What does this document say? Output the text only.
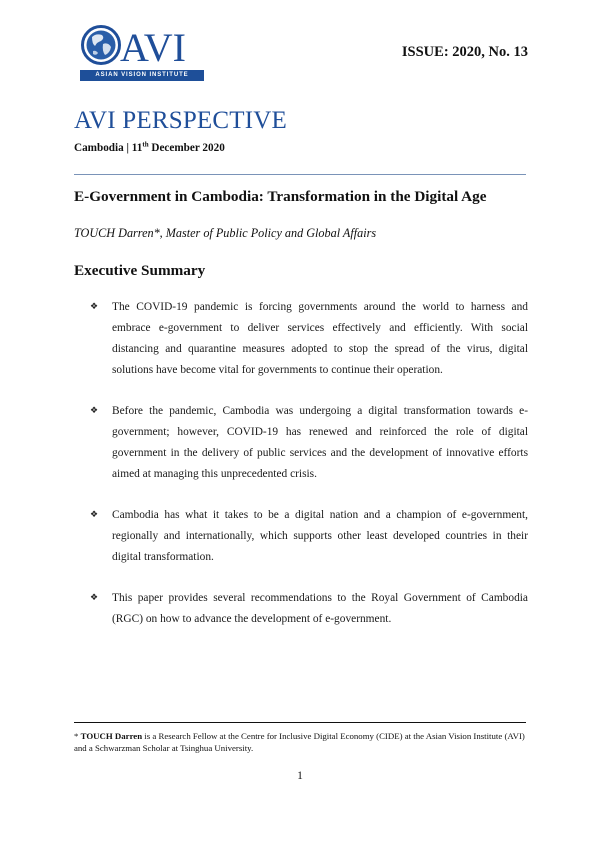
AVI
ASIAN VISION INSTITUTE
ISSUE: 2020, No. 13
AVI PERSPECTIVE
Cambodia | 11th December 2020
E-Government in Cambodia: Transformation in the Digital Age
TOUCH Darren*, Master of Public Policy and Global Affairs
Executive Summary
❖ The COVID-19 pandemic is forcing governments around the world to harness and embrace e-government to deliver services effectively and efficiently. With social distancing and quarantine measures adopted to stop the spread of the virus, digital solutions have become vital for governments to continue their operation.
❖ Before the pandemic, Cambodia was undergoing a digital transformation towards e-government; however, COVID-19 has renewed and reinforced the role of digital government in the delivery of public services and the development of innovative efforts aimed at managing this unprecedented crisis.
❖ Cambodia has what it takes to be a digital nation and a champion of e-government, regionally and internationally, which supports other least developed countries in their digital transformation.
❖ This paper provides several recommendations to the Royal Government of Cambodia (RGC) on how to advance the development of e-government.
* TOUCH Darren is a Research Fellow at the Centre for Inclusive Digital Economy (CIDE) at the Asian Vision Institute (AVI) and a Schwarzman Scholar at Tsinghua University.
1
